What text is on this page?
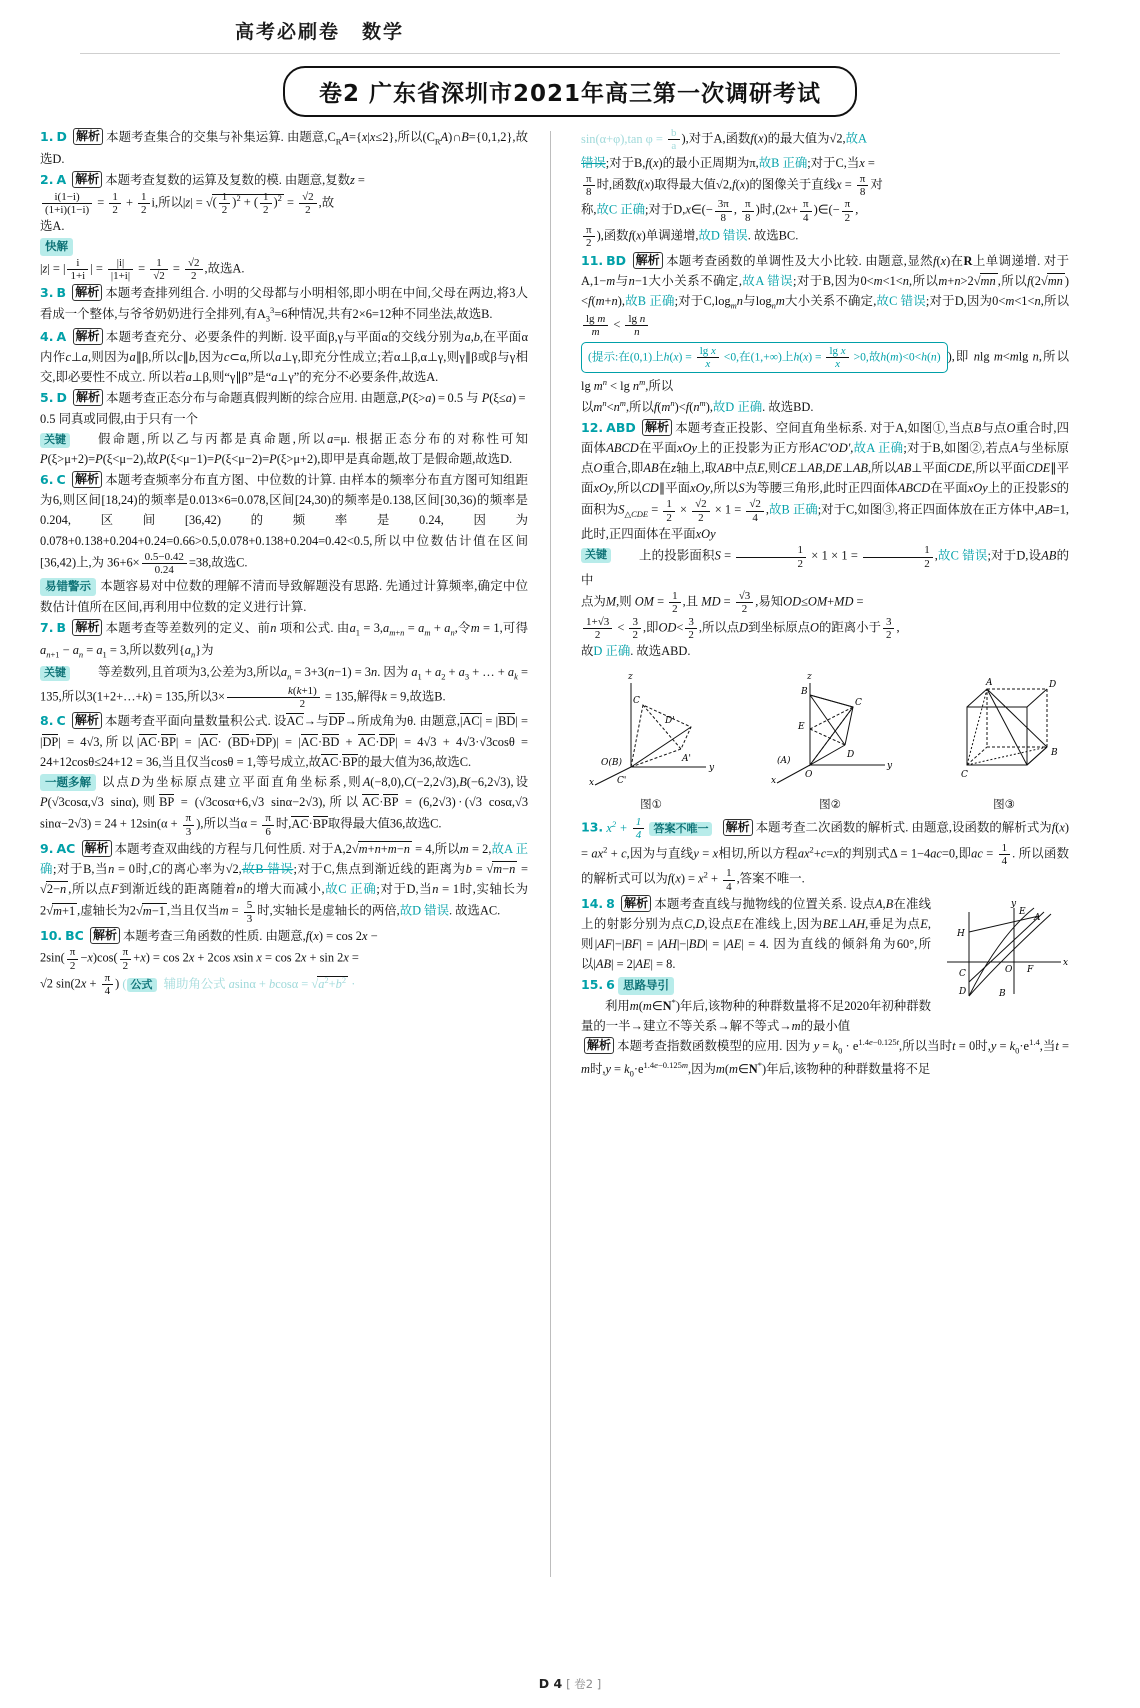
高考必刷卷 数学
卷2 广东省深圳市2021年高三第一次调研考试

1. D 解析 本题考查集合的交集与补集运算. 由题意$,C_RA=\{x|x\le 2\}$,所以$(C_RA)\cap B=\{0,1,2\}$,故选D.

2. A 解析 本题考查复数的运算及复数的模. 由题意,复数z =

$\frac{i(1-i)}{(1+i)(1-i)} = \frac{1}{2} + \frac{1}{2} i$,所以|z| = √( $\frac{1}{2} )^2$ + ( $\frac{1}{2} )^2 = \frac{√2}{2}$ ,故

选A.

快解

|z| = | $\frac{i}{1+i}$ | = $\frac{|i|}{|1+i|} = \frac{1}{√2} = \frac{√2}{2}$ ,故选A.

3. B 解析 本题考查排列组合. 小明的父母都与小明相邻,即小明在中间,父母在两边,将3人看成一个整体,与爷爷奶奶进行全排列,有$A_3^3=6$种情况,共有2×6=12种不同坐法,故选B.

4. A 解析 本题考查充分、必要条件的判断. 设平面β,γ与平面α的交线分别为a,b,在平面α内作c⊥a,则因为a∥β,所以c∥b,因为c⊂α,所以a⊥γ,即充分性成立;若α⊥β,α⊥γ,则γ∥β或β与γ相交,即必要性不成立. 所以若a⊥β,则“γ∥β”是“a⊥γ”的充分不必要条件,故选A.

5. D 解析 本题考查正态分布与命题真假判断的综合应用. 由题意,P(ξ>a) = 0.5 与 P(ξ≤a) = 0.5 同真或同假,由于只有一个

关键	假命题,所以乙与丙都是真命题,所以a=μ. 根据正态分布的对称性可知P(ξ>μ+2)=P(ξ<μ−2),故P(ξ<μ−1)=P(ξ<μ−2)=P(ξ>μ+2),即甲是真命题,故丁是假命题,故选D.

6. C 解析 本题考查频率分布直方图、中位数的计算. 由样本的频率分布直方图可知组距为6,则区间[18,24)的频率是0.013×6=0.078,区间[24,30)的频率是0.138,区间[30,36)的频率是0.204,区间[36,42)的频率是0.24,因为0.078+0.138+0.204+0.24=0.66>0.5,0.078+0.138+0.204=0.42<0.5,所以中位数估计值在区间[36,42)上,为 $36+6\times \frac{0.5-0.42}{0.24} =38$,故选C.

易错警示 本题容易对中位数的理解不清而导致解题没有思路. 先通过计算频率,确定中位数估计值所在区间,再利用中位数的定义进行计算.

7. B 解析 本题考查等差数列的定义、前n 项和公式. 由$a_1 = 3,a_{m+n} = a_m + a_n$,令m = 1,可得 $a_{n+1} - a_n = a_1 = 3$,所以数列$\{a_n\}$为

关键	等差数列,且首项为3,公差为3,所以$a_n = 3+3(n-1) = 3n$. 因为 $a_1 + a_2 + a_3$ + … + $a_k = 135$,所以3(1+2+…+k) = 135,所以$3\times \frac{k(k+1)}{2} = 135$,解得k = 9,故选B.

8. C 解析 本题考查平面向量数量积公式. 设AC→与DP→所成角为θ. 由题意,|AC| = |BD| = |DP| = 4√3,所以|AC·BP| = |AC· (BD+DP)| = |AC·BD + AC·DP| = 4√3 + 4√3·√3cosθ = 24+12cosθ≤24+12 = 36,当且仅当cosθ = 1,等号成立,故AC·BP的最大值为36,故选C.

一题多解 以点D为坐标原点建立平面直角坐标系,则A(−8,0),C(−2,2√3),B(−6,2√3),设P(√3cosα,√3 sinα),则BP = (√3cosα+6,√3 sinα−2√3),所以AC·BP = (6,2√3) · (√3 cosα,√3 $\sin\alpha-2√3) = 24 + 12\sin(\alpha + \frac{\pi}{3}$ ),所以当$\alpha = \frac{\pi}{6}$ 时,AC·BP取得最大值36,故选C.

9. AC 解析 本题考查双曲线的方程与几何性质. 对于A,2√m+n+m−n = 4,所以m = 2,故A 正确;对于B,当n = 0时,C的离心率为√2,故B 错误;对于C,焦点到渐近线的距离为b = √m−n = √2−n ,所以点F到渐近线的距离随着n的增大而减小,故C 正确;对于D,当n = 1时,实轴长为2√m+1 ,虚轴长为2√m−1 ,当且仅当$m = \frac{5}{3}$ 时,实轴长是虚轴长的两倍,故D 错误. 故选AC.

10. BC 解析 本题考查三角函数的性质. 由题意,f(x) = cos 2x −

$2\sin( \frac{\pi}{2} -x)\cos( \frac{\pi}{2} +x) = \cos 2x + 2\cos$ xsin x = cos 2x + sin 2x =

√2 $\sin(2x + \frac{\pi}{4}$ ) ( 公式 辅助角公式 $asin\alpha + bcos\alpha = √a^2+b^2$ ·

sin(α+φ),tan $\varphi = \frac{b}{a}$ ),对于A,函数f(x)的最大值为√2,故A

错误;对于B,f(x)的最小正周期为π,故B 正确;对于C,当x =

$\frac{\pi}{8}$ 时,函数f(x)取得最大值√2,f(x)的图像关于直线$x = \frac{\pi}{8}$ 对

称,故C 正确;对于D,x∈(− $\frac{3\pi}{8}$ , $\frac{\pi}{8}$ )时$,(2x+ \frac{\pi}{4}$ )∈(− $\frac{\pi}{2}$ ,

$\frac{\pi}{2}$ ),函数f(x)单调递增,故D 错误. 故选BC.

11. BD 解析 本题考查函数的单调性及大小比较. 由题意,显然f(x)在R上单调递增. 对于A,1−m与n−1大小关系不确定,故A 错误;对于B,因为0<m<1<n,所以m+n>2√mn ,所以f(2√mn )<f(m+n),故B 正确;对于$C,\log_mn$与$\log_nm$大小关系不确定,故C 错误;对于D,因为0<m<1<n,所以
$\frac{\text{lg m}}{m} < \frac{\text{lg n}}{n}$

(提示:在(0,1)上$h(x) = \frac{\text{lg x}}{x} <0$,在(1,+∞)上$h(x) = \frac{\text{lg x}}{x} >0$,故h(m)<0<h(n) ),即 nlg m<mlg n,所以 $\lg m^n < \lg n^m$,所以

以$m^n<n^m$,所以$f(m^n)<f(n^m)$,故D 正确. 故选BD.

12. ABD 解析 本题考查正投影、空间直角坐标系. 对于A,如图①,当点B与点O重合时,四面体ABCD在平面xOy上的正投影为正方形AC'OD',故A 正确;对于B,如图②,若点A与坐标原点O重合,即AB在z轴上,取AB中点E,则CE⊥AB,DE⊥AB,所以AB⊥平面CDE,所以平面CDE∥平面xOy,所以CD∥平面xOy,所以S为等腰三角形,此时正四面体ABCD在平面xOy上的正投影S的面积为$S_{\triangle CDE} = \frac{1}{2} \times \frac{√2}{2} \times 1 = \frac{√2}{4}$ ,故B 正确;对于C,如图③,将正四面体放在正方体中,AB=1,此时,正四面体在平面xOy

关键	上的投影面积$S = \frac{1}{2} \times 1 \times 1 = \frac{1}{2}$ ,故C 错误;对于D,设AB的中

点为M,则 OM = $\frac{1}{2}$ ,且 MD = $\frac{√3}{2}$ ,易知OD≤OM+MD =

$\frac{1+√3}{2} < \frac{3}{2}$ ,即$OD< \frac{3}{2}$ ,所以点D到坐标原点O的距离小于 $\frac{3}{2}$ ,

故D 正确. 故选ABD.

z
y
x
C
D'
O(B)	A'
C'
图①
z
y
x
B
C
E
(A)
O
D
图②
A	D
B
C
图③

13. $x^2 + \frac{1}{4}$ 答案不唯一 解析 本题考查二次函数的解析式. 由题意,设函数的解析式为$f(x) = ax^2 + c$,因为与直线y = x相切,所以方程$ax^2+c=x$的判别式Δ = 1−4ac=0,即ac = $\frac{1}{4}$ . 所以函数的解析式可以为$f(x) = x^2 + \frac{1}{4}$ ,答案不唯一.

y
x
H
A
E
O F
C
D	B

14. 8 解析 本题考查直线与抛物线的位置关系. 设点A,B在准线上的射影分别为点C,D,设点E在准线上,因为BE⊥AH,垂足为点E,则|AF|−|BF| = |AH|−|BD| = |AE| = 4. 因为直线的倾斜角为60°,所以|AB| = 2|AE| = 8.

15. 6 思路导引

利用m(m∈N*)年后,该物种的种群数量将不足2020年初种群数量的一半→建立不等关系→解不等式→m的最小值

解析 本题考查指数函数模型的应用. 因为 $y = k_0 \cdot e^{1.4e-0.125t}$,所以当时t = 0时$,y = k_0\cdot e^{1.4}$,当t = m时$,y = k_0\cdot e^{1.4e-0.125m}$,因为m(m∈N*)年后,该物种的种群数量将不足

D 4 [ 卷2 ]
